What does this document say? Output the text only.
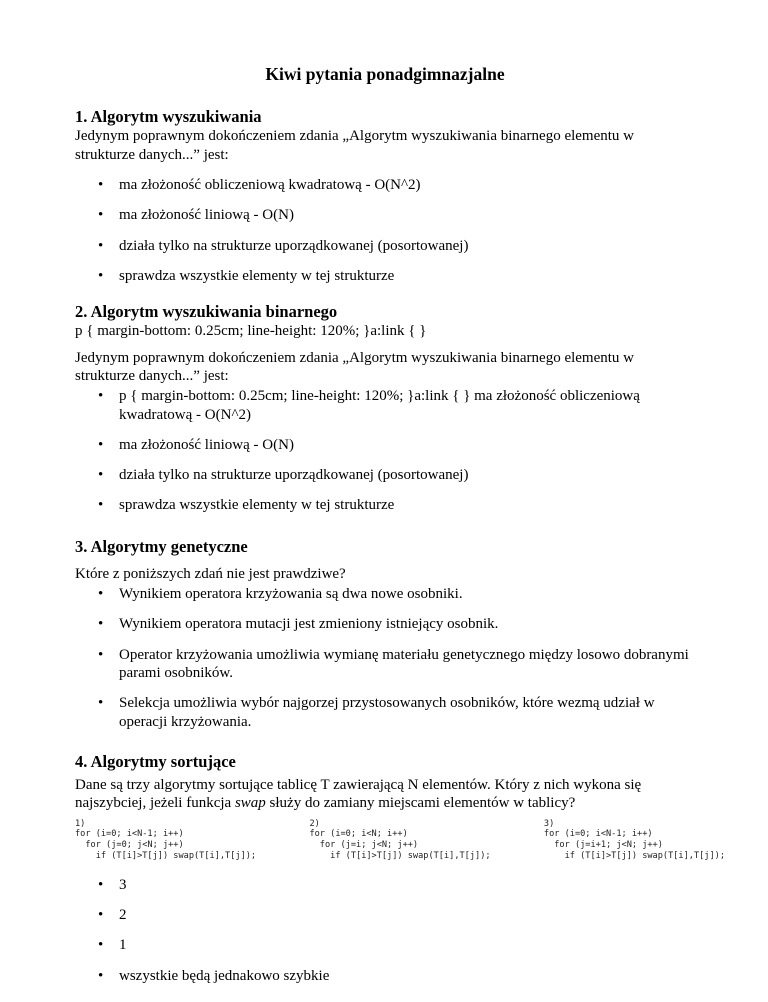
Kiwi pytania ponadgimnazjalne
1. Algorytm wyszukiwania

Jedynym poprawnym dokończeniem zdania „Algorytm wyszukiwania binarnego elementu w strukturze danych...” jest:

• ma złożoność obliczeniową kwadratową - O(N^2)
• ma złożoność liniową - O(N)
• działa tylko na strukturze uporządkowanej (posortowanej)
• sprawdza wszystkie elementy w tej strukturze
2. Algorytm wyszukiwania binarnego

p { margin-bottom: 0.25cm; line-height: 120%; }a:link { }

Jedynym poprawnym dokończeniem zdania „Algorytm wyszukiwania binarnego elementu w strukturze danych...” jest:

• p { margin-bottom: 0.25cm; line-height: 120%; }a:link { } ma złożoność obliczeniową kwadratową - O(N^2)
• ma złożoność liniową - O(N)
• działa tylko na strukturze uporządkowanej (posortowanej)
• sprawdza wszystkie elementy w tej strukturze
3. Algorytmy genetyczne

Które z poniższych zdań nie jest prawdziwe?

• Wynikiem operatora krzyżowania są dwa nowe osobniki.
• Wynikiem operatora mutacji jest zmieniony istniejący osobnik.
• Operator krzyżowania umożliwia wymianę materiału genetycznego między losowo dobranymi parami osobników.
• Selekcja umożliwia wybór najgorzej przystosowanych osobników, które wezmą udział w operacji krzyżowania.
4. Algorytmy sortujące

Dane są trzy algorytmy sortujące tablicę T zawierającą N elementów. Który z nich wykona się najszybciej, jeżeli funkcja swap służy do zamiany miejscami elementów w tablicy?

1)
for (i=0; i<N-1; i++)
for (j=0; j<N; j++)
if (T[i]>T[j]) swap(T[i],T[j]);
2)
for (i=0; i<N; i++)
for (j=i; j<N; j++)
if (T[i]>T[j]) swap(T[i],T[j]);
3)
for (i=0; i<N-1; i++)
for (j=i+1; j<N; j++)
if (T[i]>T[j]) swap(T[i],T[j]);
• 3
• 2
• 1
• wszystkie będą jednakowo szybkie
